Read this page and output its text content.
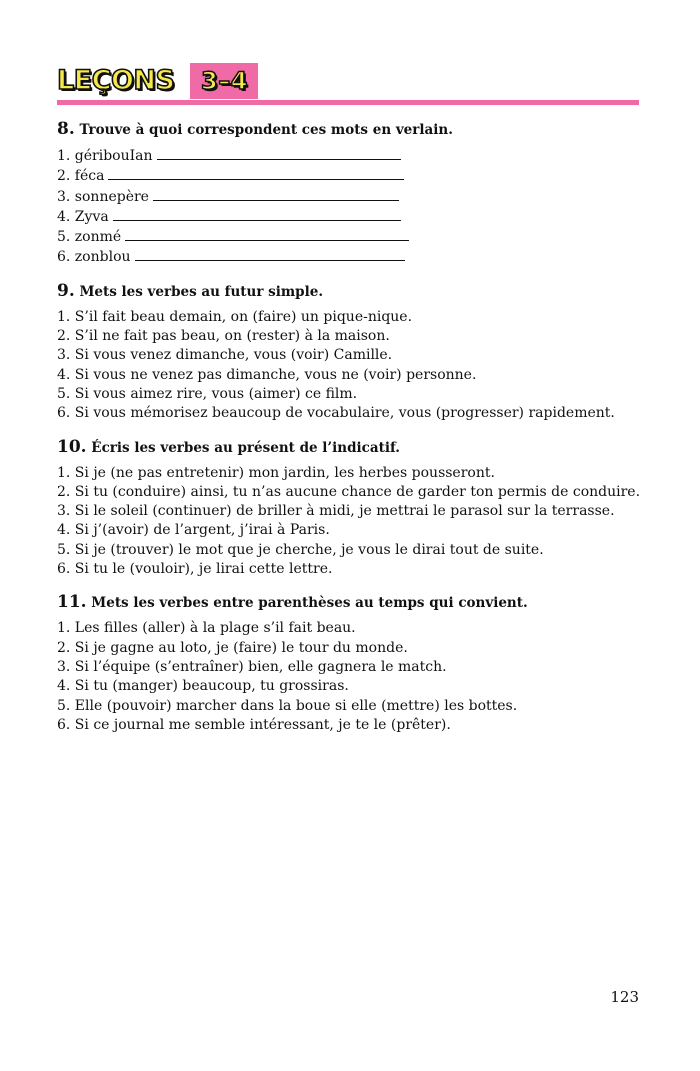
LEÇONS 3–4
8. Trouve à quoi correspondent ces mots en verlain.
1. géribouIan
2. féca
3. sonnepère
4. Zyva
5. zonmé
6. zonblou
9. Mets les verbes au futur simple.
1. S’il fait beau demain, on (faire) un pique-nique.
2. S’il ne fait pas beau, on (rester) à la maison.
3. Si vous venez dimanche, vous (voir) Camille.
4. Si vous ne venez pas dimanche, vous ne (voir) personne.
5. Si vous aimez rire, vous (aimer) ce film.
6. Si vous mémorisez beaucoup de vocabulaire, vous (progresser) rapidement.
10. Écris les verbes au présent de l’indicatif.
1. Si je (ne pas entretenir) mon jardin, les herbes pousseront.
2. Si tu (conduire) ainsi, tu n’as aucune chance de garder ton permis de conduire.
3. Si le soleil (continuer) de briller à midi, je mettrai le parasol sur la terrasse.
4. Si j’(avoir) de l’argent, j’irai à Paris.
5. Si je (trouver) le mot que je cherche, je vous le dirai tout de suite.
6. Si tu le (vouloir), je lirai cette lettre.
11. Mets les verbes entre parenthèses au temps qui convient.
1. Les filles (aller) à la plage s’il fait beau.
2. Si je gagne au loto, je (faire) le tour du monde.
3. Si l’équipe (s’entraîner) bien, elle gagnera le match.
4. Si tu (manger) beaucoup, tu grossiras.
5. Elle (pouvoir) marcher dans la boue si elle (mettre) les bottes.
6. Si ce journal me semble intéressant, je te le (prêter).
123
